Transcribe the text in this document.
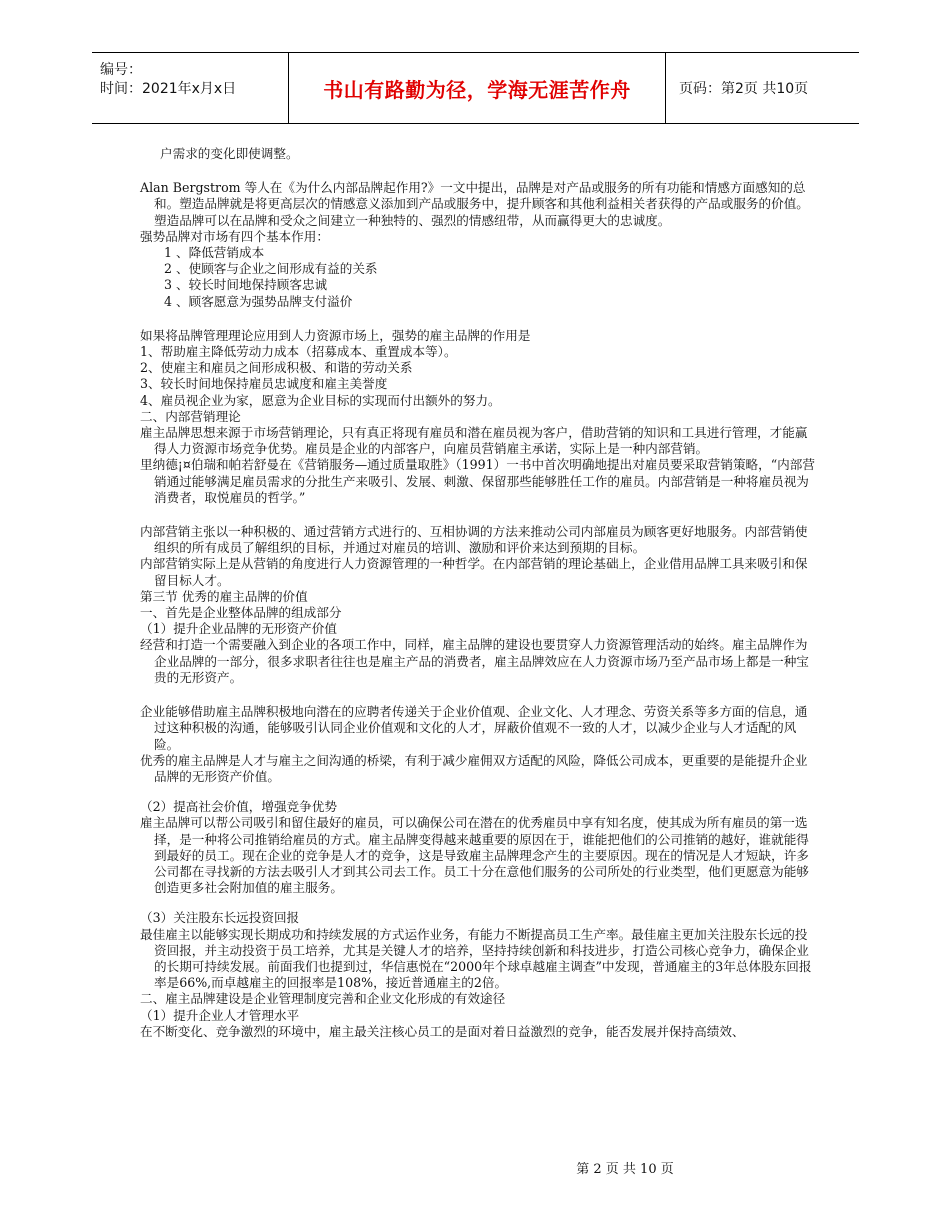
编号：
时间：2021年x月x日	书山有路勤为径，学海无涯苦作舟	页码：第2页 共10页

户需求的变化即使调整。

Alan Bergstrom 等人在《为什么内部品牌起作用?》一文中提出，品牌是对产品或服务的所有功能和情感方面感知的总和。塑造品牌就是将更高层次的情感意义添加到产品或服务中，提升顾客和其他利益相关者获得的产品或服务的价值。塑造品牌可以在品牌和受众之间建立一种独特的、强烈的情感纽带，从而赢得更大的忠诚度。

强势品牌对市场有四个基本作用：

1 、降低营销成本

2 、使顾客与企业之间形成有益的关系

3 、较长时间地保持顾客忠诚

4 、顾客愿意为强势品牌支付溢价

如果将品牌管理理论应用到人力资源市场上，强势的雇主品牌的作用是

1、帮助雇主降低劳动力成本（招募成本、重置成本等）。

2、使雇主和雇员之间形成积极、和谐的劳动关系

3、较长时间地保持雇员忠诚度和雇主美誉度

4、雇员视企业为家，愿意为企业目标的实现而付出额外的努力。

二、内部营销理论

雇主品牌思想来源于市场营销理论，只有真正将现有雇员和潜在雇员视为客户，借助营销的知识和工具进行管理，才能赢得人力资源市场竞争优势。雇员是企业的内部客户，向雇员营销雇主承诺，实际上是一种内部营销。

里纳德¡¤伯瑞和帕若舒曼在《营销服务—通过质量取胜》（1991）一书中首次明确地提出对雇员要采取营销策略，“内部营销通过能够满足雇员需求的分批生产来吸引、发展、刺激、保留那些能够胜任工作的雇员。内部营销是一种将雇员视为消费者，取悦雇员的哲学。”

内部营销主张以一种积极的、通过营销方式进行的、互相协调的方法来推动公司内部雇员为顾客更好地服务。内部营销使组织的所有成员了解组织的目标，并通过对雇员的培训、激励和评价来达到预期的目标。

内部营销实际上是从营销的角度进行人力资源管理的一种哲学。在内部营销的理论基础上，企业借用品牌工具来吸引和保留目标人才。

第三节 优秀的雇主品牌的价值

一、首先是企业整体品牌的组成部分

（1）提升企业品牌的无形资产价值

经营和打造一个需要融入到企业的各项工作中，同样，雇主品牌的建设也要贯穿人力资源管理活动的始终。雇主品牌作为企业品牌的一部分，很多求职者往往也是雇主产品的消费者，雇主品牌效应在人力资源市场乃至产品市场上都是一种宝贵的无形资产。

企业能够借助雇主品牌积极地向潜在的应聘者传递关于企业价值观、企业文化、人才理念、劳资关系等多方面的信息，通过这种积极的沟通，能够吸引认同企业价值观和文化的人才，屏蔽价值观不一致的人才，以减少企业与人才适配的风险。

优秀的雇主品牌是人才与雇主之间沟通的桥梁，有利于减少雇佣双方适配的风险，降低公司成本，更重要的是能提升企业品牌的无形资产价值。

（2）提高社会价值，增强竞争优势

雇主品牌可以帮公司吸引和留住最好的雇员，可以确保公司在潜在的优秀雇员中享有知名度，使其成为所有雇员的第一选择，是一种将公司推销给雇员的方式。雇主品牌变得越来越重要的原因在于，谁能把他们的公司推销的越好，谁就能得到最好的员工。现在企业的竞争是人才的竞争，这是导致雇主品牌理念产生的主要原因。现在的情况是人才短缺，许多公司都在寻找新的方法去吸引人才到其公司去工作。员工十分在意他们服务的公司所处的行业类型，他们更愿意为能够创造更多社会附加值的雇主服务。

（3）关注股东长远投资回报

最佳雇主以能够实现长期成功和持续发展的方式运作业务，有能力不断提高员工生产率。最佳雇主更加关注股东长远的投资回报，并主动投资于员工培养，尤其是关键人才的培养，坚持持续创新和科技进步，打造公司核心竞争力，确保企业的长期可持续发展。前面我们也提到过，华信惠悦在“2000年个球卓越雇主调查”中发现，普通雇主的3年总体股东回报率是66%,而卓越雇主的回报率是108%，接近普通雇主的2倍。

二、雇主品牌建设是企业管理制度完善和企业文化形成的有效途径

（1）提升企业人才管理水平

在不断变化、竞争激烈的环境中，雇主最关注核心员工的是面对着日益激烈的竞争，能否发展并保持高绩效、

第 2 页 共 10 页
